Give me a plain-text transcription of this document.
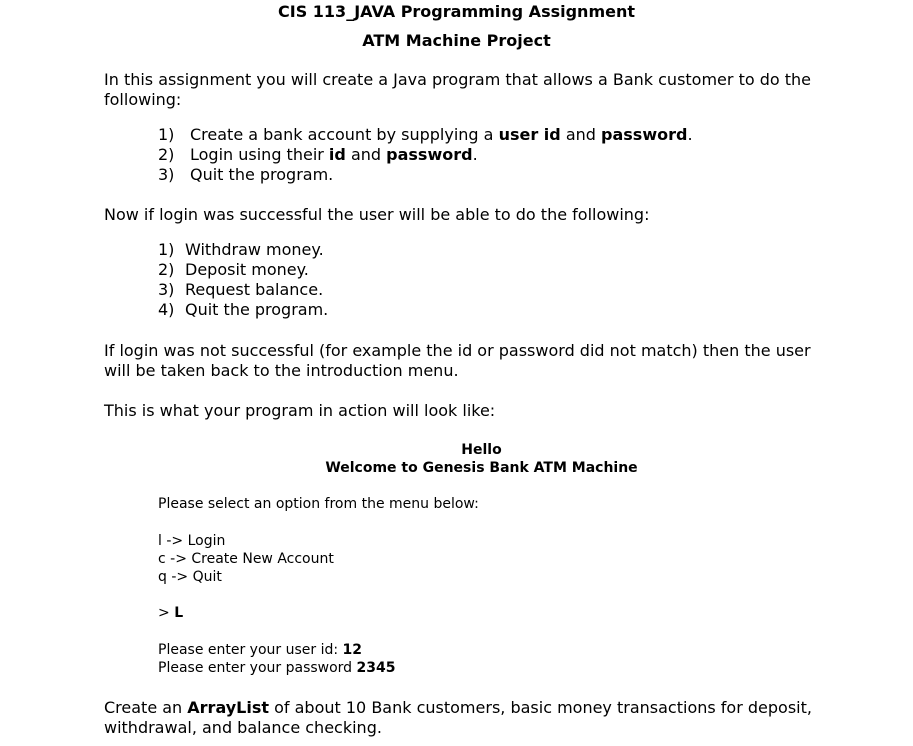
CIS 113_JAVA Programming Assignment
ATM Machine Project

In this assignment you will create a Java program that allows a Bank customer to do the following:

1) Create a bank account by supplying a user id and password.
2) Login using their id and password.
3) Quit the program.

Now if login was successful the user will be able to do the following:

1) Withdraw money.
2) Deposit money.
3) Request balance.
4) Quit the program.

If login was not successful (for example the id or password did not match) then the user will be taken back to the introduction menu.

This is what your program in action will look like:

Hello
Welcome to Genesis Bank ATM Machine
Please select an option from the menu below:
l -> Login
c -> Create New Account
q -> Quit
> L
Please enter your user id: 12
Please enter your password 2345

Create an ArrayList of about 10 Bank customers, basic money transactions for deposit, withdrawal, and balance checking.
